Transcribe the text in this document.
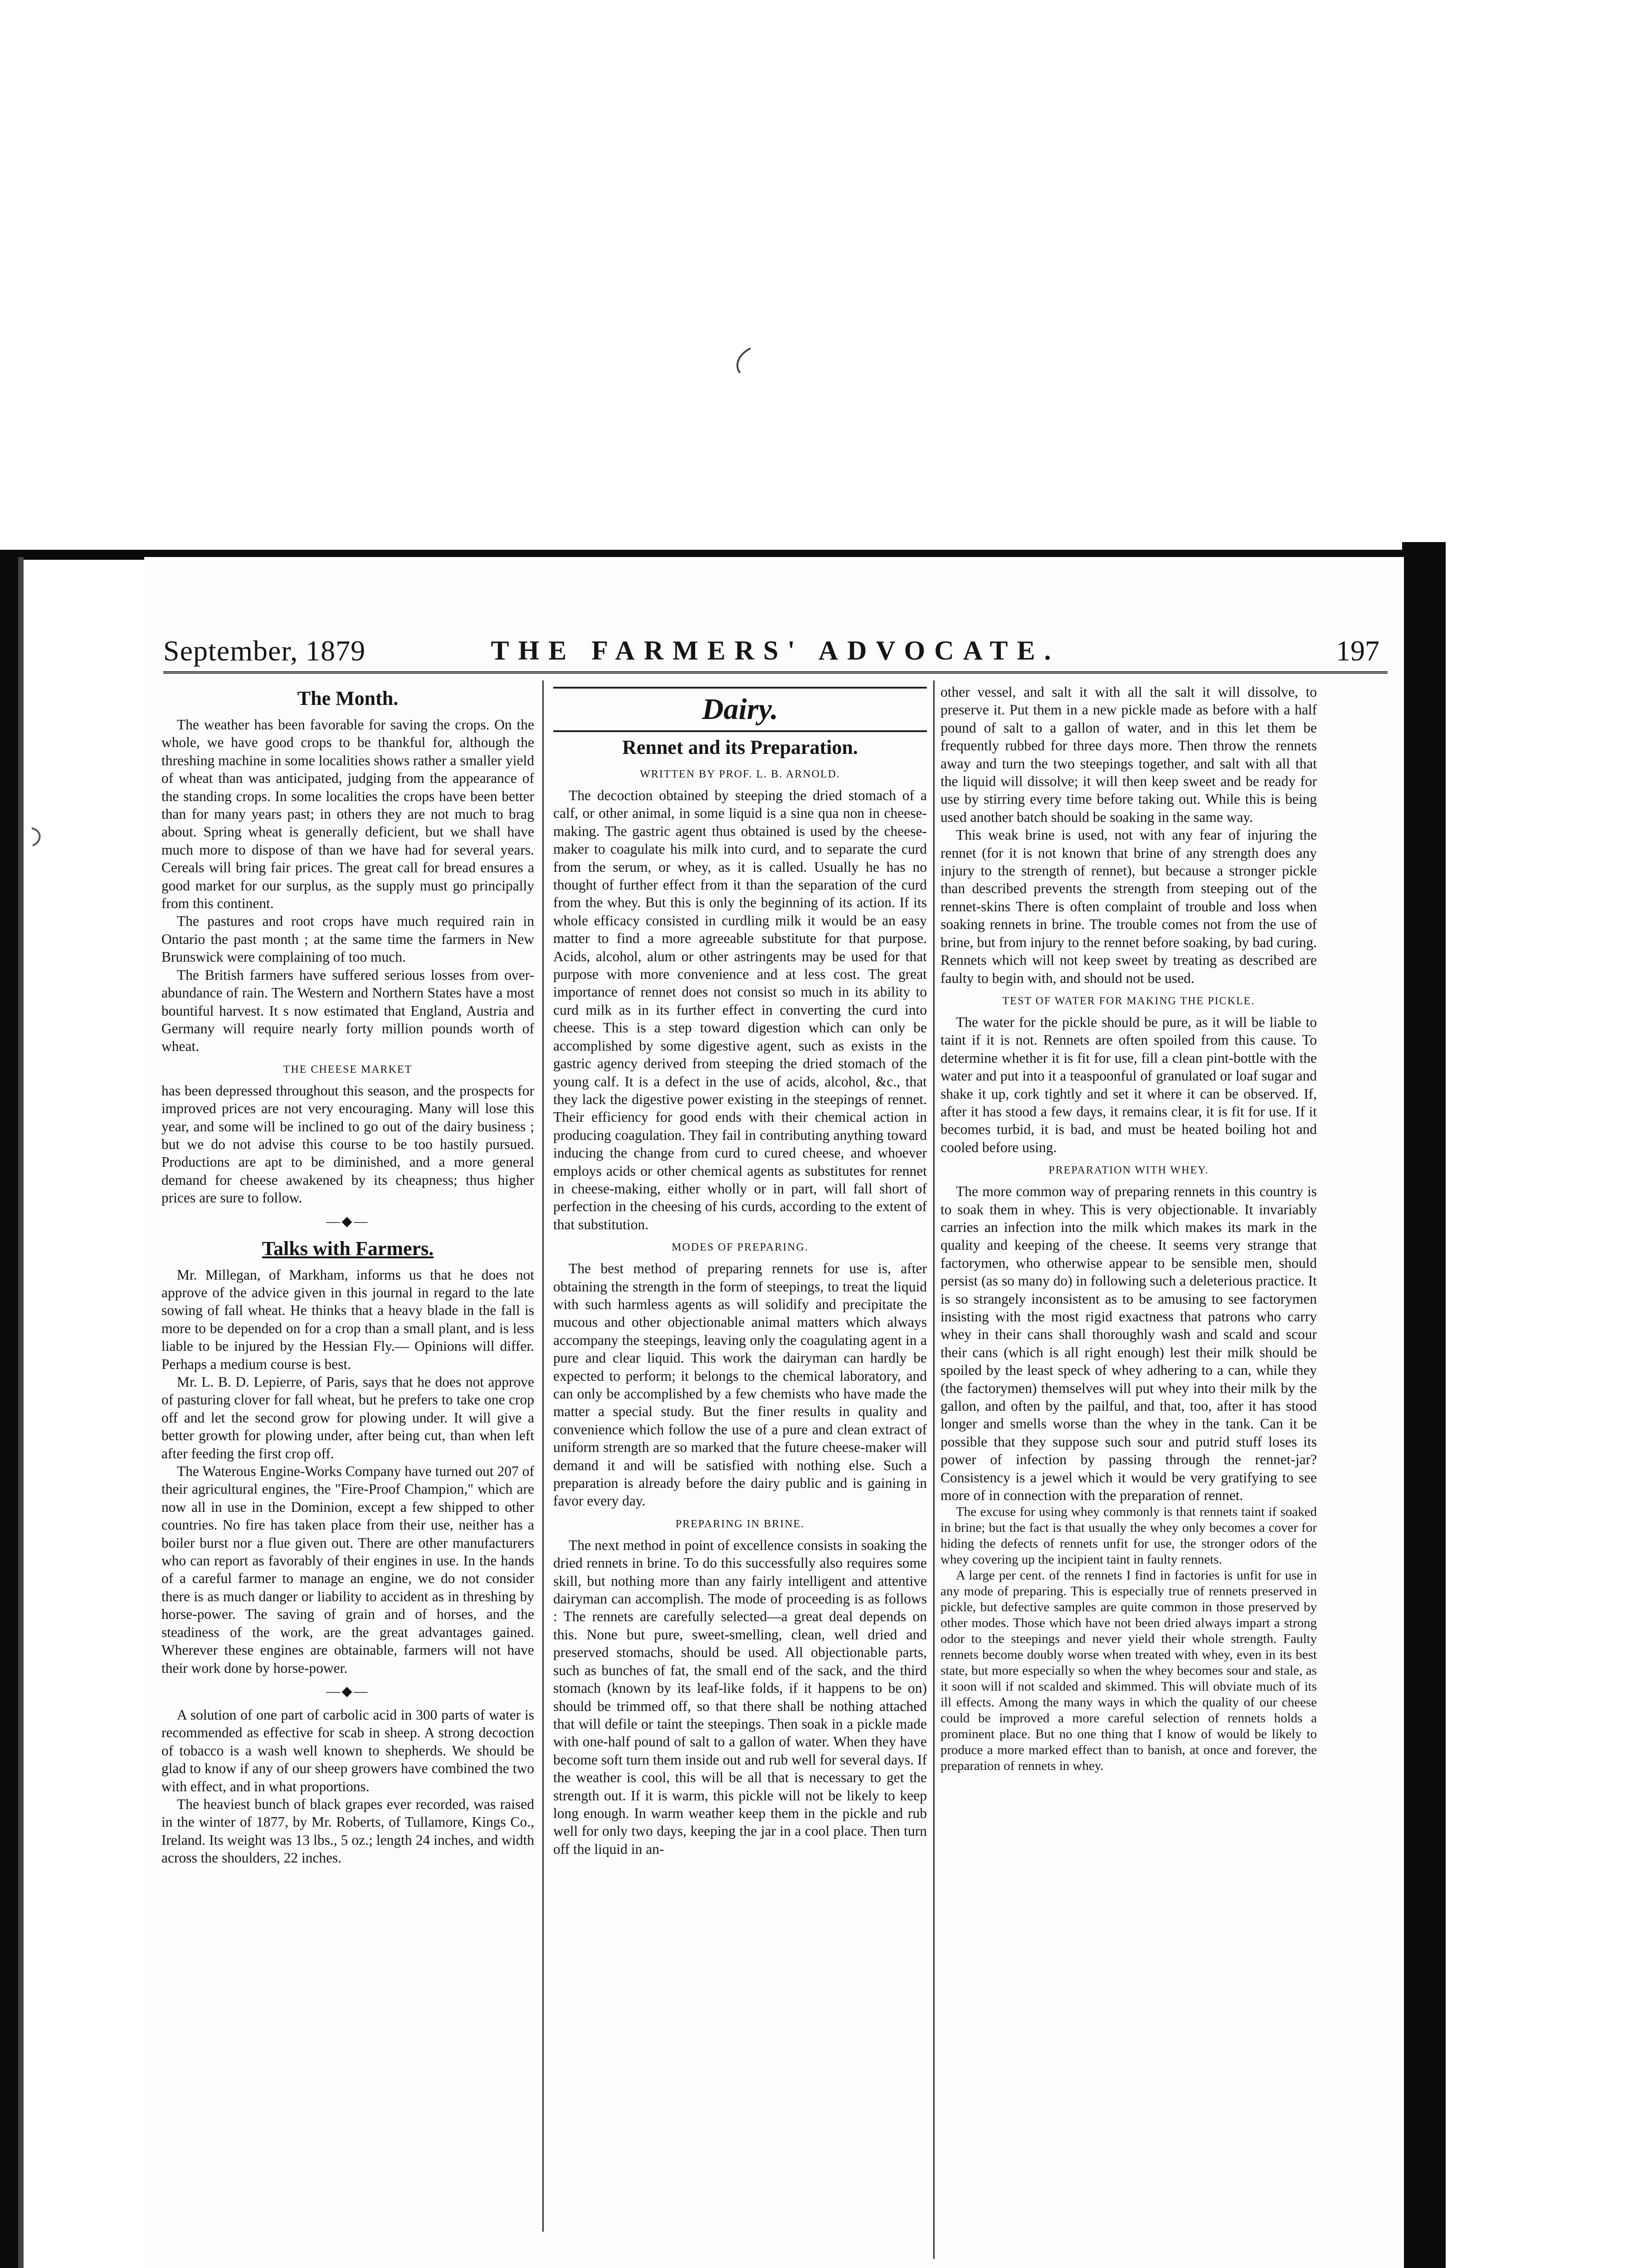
September, 1879	THE FARMERS' ADVOCATE.	197
The Month.

The weather has been favorable for saving the crops. On the whole, we have good crops to be thankful for, although the threshing machine in some localities shows rather a smaller yield of wheat than was anticipated, judging from the appearance of the standing crops. In some localities the crops have been better than for many years past; in others they are not much to brag about. Spring wheat is generally deficient, but we shall have much more to dispose of than we have had for several years. Cereals will bring fair prices. The great call for bread ensures a good market for our surplus, as the supply must go principally from this continent.

The pastures and root crops have much required rain in Ontario the past month ; at the same time the farmers in New Brunswick were complaining of too much.

The British farmers have suffered serious losses from over-abundance of rain. The Western and Northern States have a most bountiful harvest. It s now estimated that England, Austria and Germany will require nearly forty million pounds worth of wheat.

THE CHEESE MARKET

has been depressed throughout this season, and the prospects for improved prices are not very encouraging. Many will lose this year, and some will be inclined to go out of the dairy business ; but we do not advise this course to be too hastily pursued. Productions are apt to be diminished, and a more general demand for cheese awakened by its cheapness; thus higher prices are sure to follow.

—◆—
Talks with Farmers.

Mr. Millegan, of Markham, informs us that he does not approve of the advice given in this journal in regard to the late sowing of fall wheat. He thinks that a heavy blade in the fall is more to be depended on for a crop than a small plant, and is less liable to be injured by the Hessian Fly.— Opinions will differ. Perhaps a medium course is best.

Mr. L. B. D. Lepierre, of Paris, says that he does not approve of pasturing clover for fall wheat, but he prefers to take one crop off and let the second grow for plowing under. It will give a better growth for plowing under, after being cut, than when left after feeding the first crop off.

The Waterous Engine-Works Company have turned out 207 of their agricultural engines, the "Fire-Proof Champion," which are now all in use in the Dominion, except a few shipped to other countries. No fire has taken place from their use, neither has a boiler burst nor a flue given out. There are other manufacturers who can report as favorably of their engines in use. In the hands of a careful farmer to manage an engine, we do not consider there is as much danger or liability to accident as in threshing by horse-power. The saving of grain and of horses, and the steadiness of the work, are the great advantages gained. Wherever these engines are obtainable, farmers will not have their work done by horse-power.

—◆—

A solution of one part of carbolic acid in 300 parts of water is recommended as effective for scab in sheep. A strong decoction of tobacco is a wash well known to shepherds. We should be glad to know if any of our sheep growers have combined the two with effect, and in what proportions.

The heaviest bunch of black grapes ever recorded, was raised in the winter of 1877, by Mr. Roberts, of Tullamore, Kings Co., Ireland. Its weight was 13 lbs., 5 oz.; length 24 inches, and width across the shoulders, 22 inches.

Dairy.
Rennet and its Preparation.
WRITTEN BY PROF. L. B. ARNOLD.

The decoction obtained by steeping the dried stomach of a calf, or other animal, in some liquid is a sine qua non in cheese-making. The gastric agent thus obtained is used by the cheese-maker to coagulate his milk into curd, and to separate the curd from the serum, or whey, as it is called. Usually he has no thought of further effect from it than the separation of the curd from the whey. But this is only the beginning of its action. If its whole efficacy consisted in curdling milk it would be an easy matter to find a more agreeable substitute for that purpose. Acids, alcohol, alum or other astringents may be used for that purpose with more convenience and at less cost. The great importance of rennet does not consist so much in its ability to curd milk as in its further effect in converting the curd into cheese. This is a step toward digestion which can only be accomplished by some digestive agent, such as exists in the gastric agency derived from steeping the dried stomach of the young calf. It is a defect in the use of acids, alcohol, &c., that they lack the digestive power existing in the steepings of rennet. Their efficiency for good ends with their chemical action in producing coagulation. They fail in contributing anything toward inducing the change from curd to cured cheese, and whoever employs acids or other chemical agents as substitutes for rennet in cheese-making, either wholly or in part, will fall short of perfection in the cheesing of his curds, according to the extent of that substitution.

MODES OF PREPARING.

The best method of preparing rennets for use is, after obtaining the strength in the form of steepings, to treat the liquid with such harmless agents as will solidify and precipitate the mucous and other objectionable animal matters which always accompany the steepings, leaving only the coagulating agent in a pure and clear liquid. This work the dairyman can hardly be expected to perform; it belongs to the chemical laboratory, and can only be accomplished by a few chemists who have made the matter a special study. But the finer results in quality and convenience which follow the use of a pure and clean extract of uniform strength are so marked that the future cheese-maker will demand it and will be satisfied with nothing else. Such a preparation is already before the dairy public and is gaining in favor every day.

PREPARING IN BRINE.

The next method in point of excellence consists in soaking the dried rennets in brine. To do this successfully also requires some skill, but nothing more than any fairly intelligent and attentive dairyman can accomplish. The mode of proceeding is as follows : The rennets are carefully selected—a great deal depends on this. None but pure, sweet-smelling, clean, well dried and preserved stomachs, should be used. All objectionable parts, such as bunches of fat, the small end of the sack, and the third stomach (known by its leaf-like folds, if it happens to be on) should be trimmed off, so that there shall be nothing attached that will defile or taint the steepings. Then soak in a pickle made with one-half pound of salt to a gallon of water. When they have become soft turn them inside out and rub well for several days. If the weather is cool, this will be all that is necessary to get the strength out. If it is warm, this pickle will not be likely to keep long enough. In warm weather keep them in the pickle and rub well for only two days, keeping the jar in a cool place. Then turn off the liquid in an-

other vessel, and salt it with all the salt it will dissolve, to preserve it. Put them in a new pickle made as before with a half pound of salt to a gallon of water, and in this let them be frequently rubbed for three days more. Then throw the rennets away and turn the two steepings together, and salt with all that the liquid will dissolve; it will then keep sweet and be ready for use by stirring every time before taking out. While this is being used another batch should be soaking in the same way.

This weak brine is used, not with any fear of injuring the rennet (for it is not known that brine of any strength does any injury to the strength of rennet), but because a stronger pickle than described prevents the strength from steeping out of the rennet-skins There is often complaint of trouble and loss when soaking rennets in brine. The trouble comes not from the use of brine, but from injury to the rennet before soaking, by bad curing. Rennets which will not keep sweet by treating as described are faulty to begin with, and should not be used.

TEST OF WATER FOR MAKING THE PICKLE.

The water for the pickle should be pure, as it will be liable to taint if it is not. Rennets are often spoiled from this cause. To determine whether it is fit for use, fill a clean pint-bottle with the water and put into it a teaspoonful of granulated or loaf sugar and shake it up, cork tightly and set it where it can be observed. If, after it has stood a few days, it remains clear, it is fit for use. If it becomes turbid, it is bad, and must be heated boiling hot and cooled before using.

PREPARATION WITH WHEY.

The more common way of preparing rennets in this country is to soak them in whey. This is very objectionable. It invariably carries an infection into the milk which makes its mark in the quality and keeping of the cheese. It seems very strange that factorymen, who otherwise appear to be sensible men, should persist (as so many do) in following such a deleterious practice. It is so strangely inconsistent as to be amusing to see factorymen insisting with the most rigid exactness that patrons who carry whey in their cans shall thoroughly wash and scald and scour their cans (which is all right enough) lest their milk should be spoiled by the least speck of whey adhering to a can, while they (the factorymen) themselves will put whey into their milk by the gallon, and often by the pailful, and that, too, after it has stood longer and smells worse than the whey in the tank. Can it be possible that they suppose such sour and putrid stuff loses its power of infection by passing through the rennet-jar? Consistency is a jewel which it would be very gratifying to see more of in connection with the preparation of rennet.

The excuse for using whey commonly is that rennets taint if soaked in brine; but the fact is that usually the whey only becomes a cover for hiding the defects of rennets unfit for use, the stronger odors of the whey covering up the incipient taint in faulty rennets.

A large per cent. of the rennets I find in factories is unfit for use in any mode of preparing. This is especially true of rennets preserved in pickle, but defective samples are quite common in those preserved by other modes. Those which have not been dried always impart a strong odor to the steepings and never yield their whole strength. Faulty rennets become doubly worse when treated with whey, even in its best state, but more especially so when the whey becomes sour and stale, as it soon will if not scalded and skimmed. This will obviate much of its ill effects. Among the many ways in which the quality of our cheese could be improved a more careful selection of rennets holds a prominent place. But no one thing that I know of would be likely to produce a more marked effect than to banish, at once and forever, the preparation of rennets in whey.
